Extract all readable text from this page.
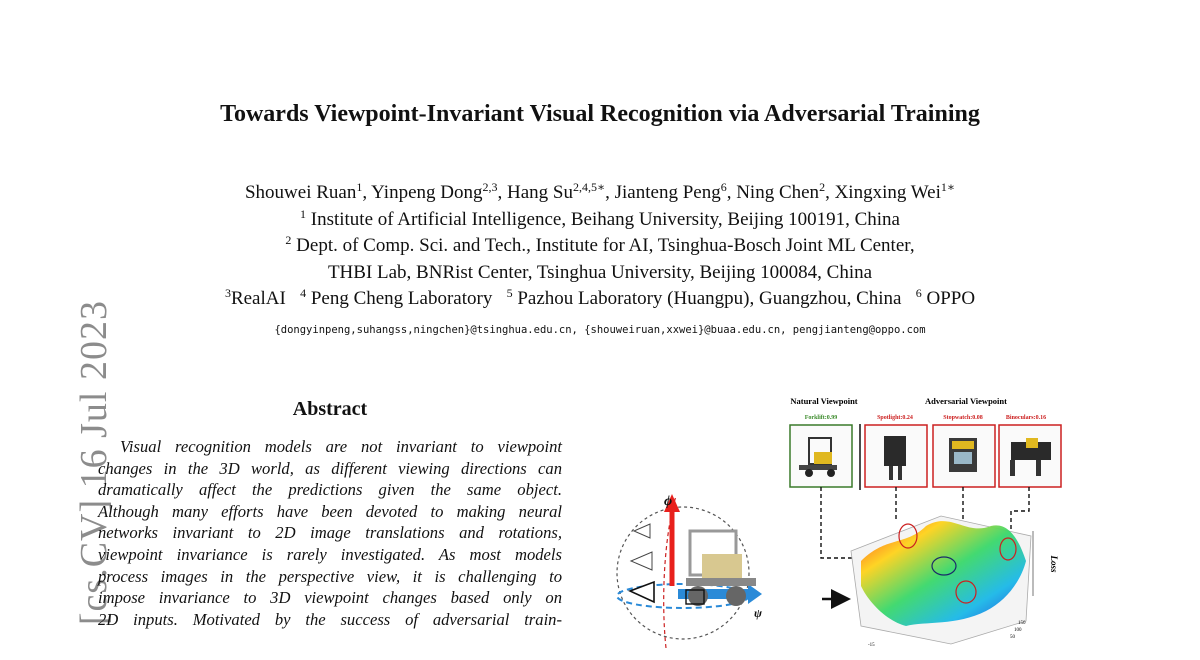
Towards Viewpoint-Invariant Visual Recognition via Adversarial Training
[cs.CV] 16 Jul 2023
Shouwei Ruan$^1$, Yinpeng Dong$^{2,3}$, Hang $Su^{2,4,5∗}$, Jianteng Peng$^6$, Ning Chen$^2$, Xingxing Wei$^{1∗}$
$^1$ Institute of Artificial Intelligence, Beihang University, Beijing 100191, China
$^2$ Dept. of Comp. Sci. and Tech., Institute for AI, Tsinghua-Bosch Joint ML Center,
THBI Lab, BNRist Center, Tsinghua University, Beijing 100084, China
$^3$RealAI $^4$ Peng Cheng Laboratory $^5$ Pazhou Laboratory (Huangpu), Guangzhou, China $^6$ OPPO
{dongyinpeng,suhangss,ningchen}@tsinghua.edu.cn, {shouweiruan,xxwei}@buaa.edu.cn, pengjianteng@oppo.com
Abstract
Visual recognition models are not invariant to viewpoint
changes in the 3D world, as different viewing directions can
dramatically affect the predictions given the same object.
Although many efforts have been devoted to making neural
networks invariant to 2D image translations and rotations,
viewpoint invariance is rarely investigated. As most models
process images in the perspective view, it is challenging to
impose invariance to 3D viewpoint changes based only on
2D inputs. Motivated by the success of adversarial train-
Natural Viewpoint	Adversarial Viewpoint
Forklift:0.99	Spotlight:0.24	Stopwatch:0.08	Binoculars:0.16
ϕ
ψ
Loss
150
100
50
-15
